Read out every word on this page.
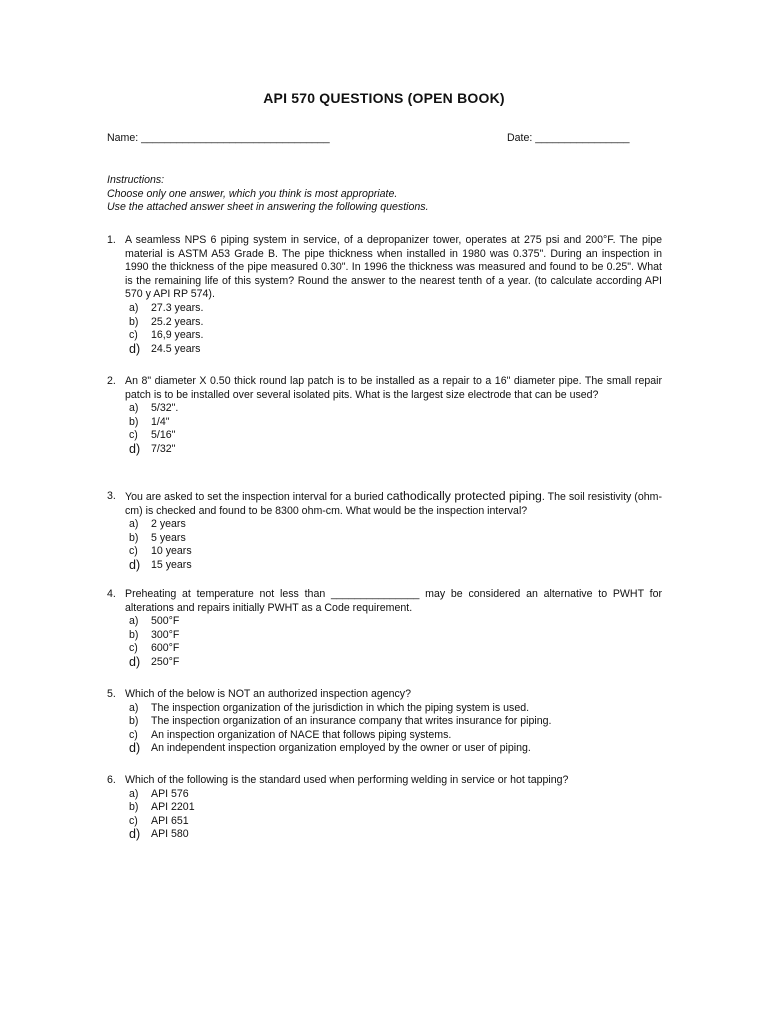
API 570 QUESTIONS (OPEN BOOK)
Name: ________________________________	Date: ________________
Instructions:
Choose only one answer, which you think is most appropriate.
Use the attached answer sheet in answering the following questions.
1. A seamless NPS 6 piping system in service, of a depropanizer tower, operates at 275 psi and 200°F. The pipe material is ASTM A53 Grade B. The pipe thickness when installed in 1980 was 0.375". During an inspection in 1990 the thickness of the pipe measured 0.30". In 1996 the thickness was measured and found to be 0.25". What is the remaining life of this system? Round the answer to the nearest tenth of a year. (to calculate according API 570 y API RP 574).
a)	27.3 years.
b)	25.2 years.
c)	16,9 years.
d)	24.5 years
2. An 8" diameter X 0.50 thick round lap patch is to be installed as a repair to a 16" diameter pipe. The small repair patch is to be installed over several isolated pits. What is the largest size electrode that can be used?
a)	5/32".
b)	1/4"
c)	5/16"
d)	7/32"
3. You are asked to set the inspection interval for a buried cathodically protected piping. The soil resistivity (ohm-cm) is checked and found to be 8300 ohm-cm. What would be the inspection interval?
a)	2 years
b)	5 years
c)	10 years
d)	15 years
4. Preheating at temperature not less than _______________ may be considered an alternative to PWHT for alterations and repairs initially PWHT as a Code requirement.
a)	500°F
b)	300°F
c)	600°F
d)	250°F
5. Which of the below is NOT an authorized inspection agency?
a)	The inspection organization of the jurisdiction in which the piping system is used.
b)	The inspection organization of an insurance company that writes insurance for piping.
c)	An inspection organization of NACE that follows piping systems.
d)	An independent inspection organization employed by the owner or user of piping.
6. Which of the following is the standard used when performing welding in service or hot tapping?
a)	API 576
b)	API 2201
c)	API 651
d)	API 580
